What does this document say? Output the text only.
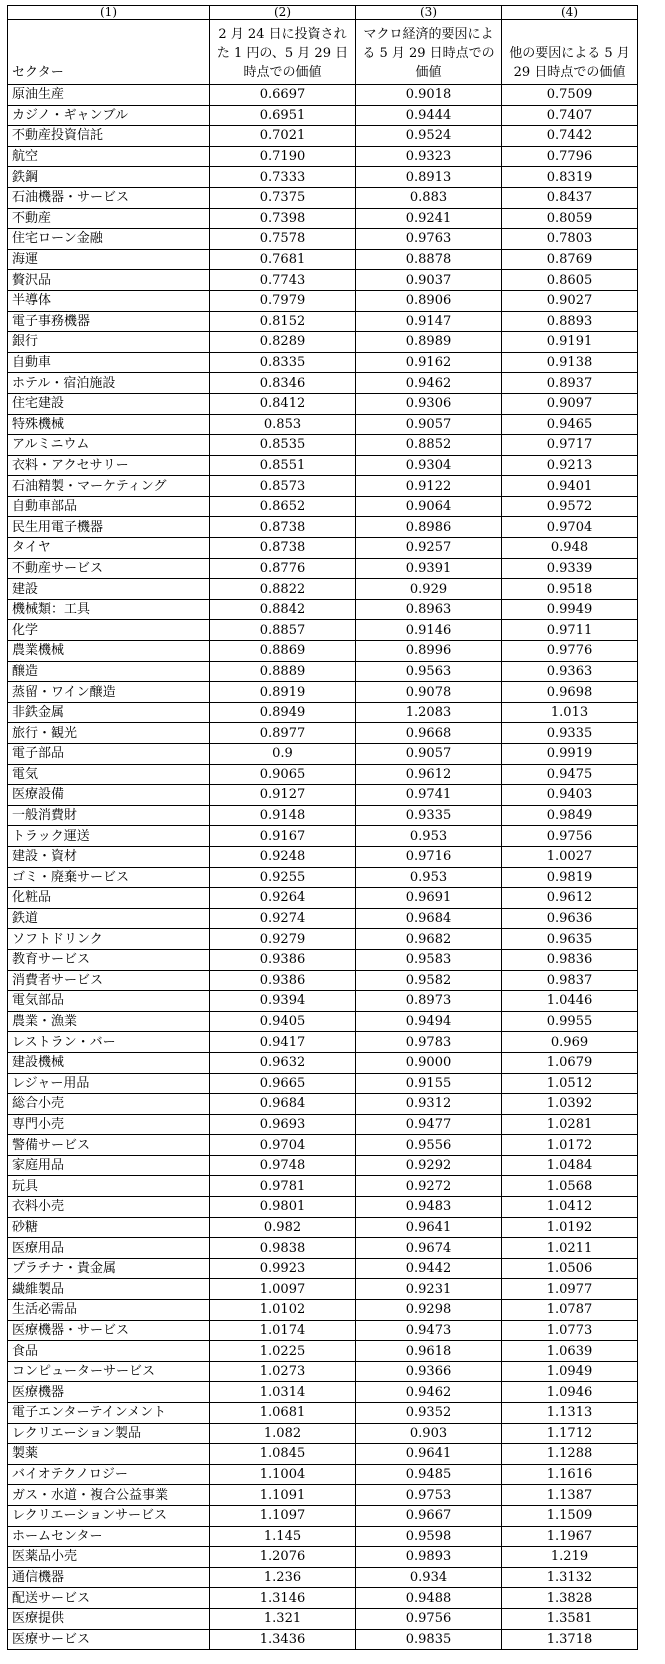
(1)	(2)	(3)	(4)
セクター	2 月 24 日に投資された 1 円の、5 月 29 日時点での価値	マクロ経済的要因による 5 月 29 日時点での価値	他の要因による 5 月 29 日時点での価値
原油生産	0.6697	0.9018	0.7509
カジノ・ギャンブル	0.6951	0.9444	0.7407
不動産投資信託	0.7021	0.9524	0.7442
航空	0.7190	0.9323	0.7796
鉄鋼	0.7333	0.8913	0.8319
石油機器・サービス	0.7375	0.883	0.8437
不動産	0.7398	0.9241	0.8059
住宅ローン金融	0.7578	0.9763	0.7803
海運	0.7681	0.8878	0.8769
贅沢品	0.7743	0.9037	0.8605
半導体	0.7979	0.8906	0.9027
電子事務機器	0.8152	0.9147	0.8893
銀行	0.8289	0.8989	0.9191
自動車	0.8335	0.9162	0.9138
ホテル・宿泊施設	0.8346	0.9462	0.8937
住宅建設	0.8412	0.9306	0.9097
特殊機械	0.853	0.9057	0.9465
アルミニウム	0.8535	0.8852	0.9717
衣料・アクセサリー	0.8551	0.9304	0.9213
石油精製・マーケティング	0.8573	0.9122	0.9401
自動車部品	0.8652	0.9064	0.9572
民生用電子機器	0.8738	0.8986	0.9704
タイヤ	0.8738	0.9257	0.948
不動産サービス	0.8776	0.9391	0.9339
建設	0.8822	0.929	0.9518
機械類：工具	0.8842	0.8963	0.9949
化学	0.8857	0.9146	0.9711
農業機械	0.8869	0.8996	0.9776
醸造	0.8889	0.9563	0.9363
蒸留・ワイン醸造	0.8919	0.9078	0.9698
非鉄金属	0.8949	1.2083	1.013
旅行・観光	0.8977	0.9668	0.9335
電子部品	0.9	0.9057	0.9919
電気	0.9065	0.9612	0.9475
医療設備	0.9127	0.9741	0.9403
一般消費財	0.9148	0.9335	0.9849
トラック運送	0.9167	0.953	0.9756
建設・資材	0.9248	0.9716	1.0027
ゴミ・廃棄サービス	0.9255	0.953	0.9819
化粧品	0.9264	0.9691	0.9612
鉄道	0.9274	0.9684	0.9636
ソフトドリンク	0.9279	0.9682	0.9635
教育サービス	0.9386	0.9583	0.9836
消費者サービス	0.9386	0.9582	0.9837
電気部品	0.9394	0.8973	1.0446
農業・漁業	0.9405	0.9494	0.9955
レストラン・バー	0.9417	0.9783	0.969
建設機械	0.9632	0.9000	1.0679
レジャー用品	0.9665	0.9155	1.0512
総合小売	0.9684	0.9312	1.0392
専門小売	0.9693	0.9477	1.0281
警備サービス	0.9704	0.9556	1.0172
家庭用品	0.9748	0.9292	1.0484
玩具	0.9781	0.9272	1.0568
衣料小売	0.9801	0.9483	1.0412
砂糖	0.982	0.9641	1.0192
医療用品	0.9838	0.9674	1.0211
プラチナ・貴金属	0.9923	0.9442	1.0506
繊維製品	1.0097	0.9231	1.0977
生活必需品	1.0102	0.9298	1.0787
医療機器・サービス	1.0174	0.9473	1.0773
食品	1.0225	0.9618	1.0639
コンピューターサービス	1.0273	0.9366	1.0949
医療機器	1.0314	0.9462	1.0946
電子エンターテインメント	1.0681	0.9352	1.1313
レクリエーション製品	1.082	0.903	1.1712
製薬	1.0845	0.9641	1.1288
バイオテクノロジー	1.1004	0.9485	1.1616
ガス・水道・複合公益事業	1.1091	0.9753	1.1387
レクリエーションサービス	1.1097	0.9667	1.1509
ホームセンター	1.145	0.9598	1.1967
医薬品小売	1.2076	0.9893	1.219
通信機器	1.236	0.934	1.3132
配送サービス	1.3146	0.9488	1.3828
医療提供	1.321	0.9756	1.3581
医療サービス	1.3436	0.9835	1.3718
